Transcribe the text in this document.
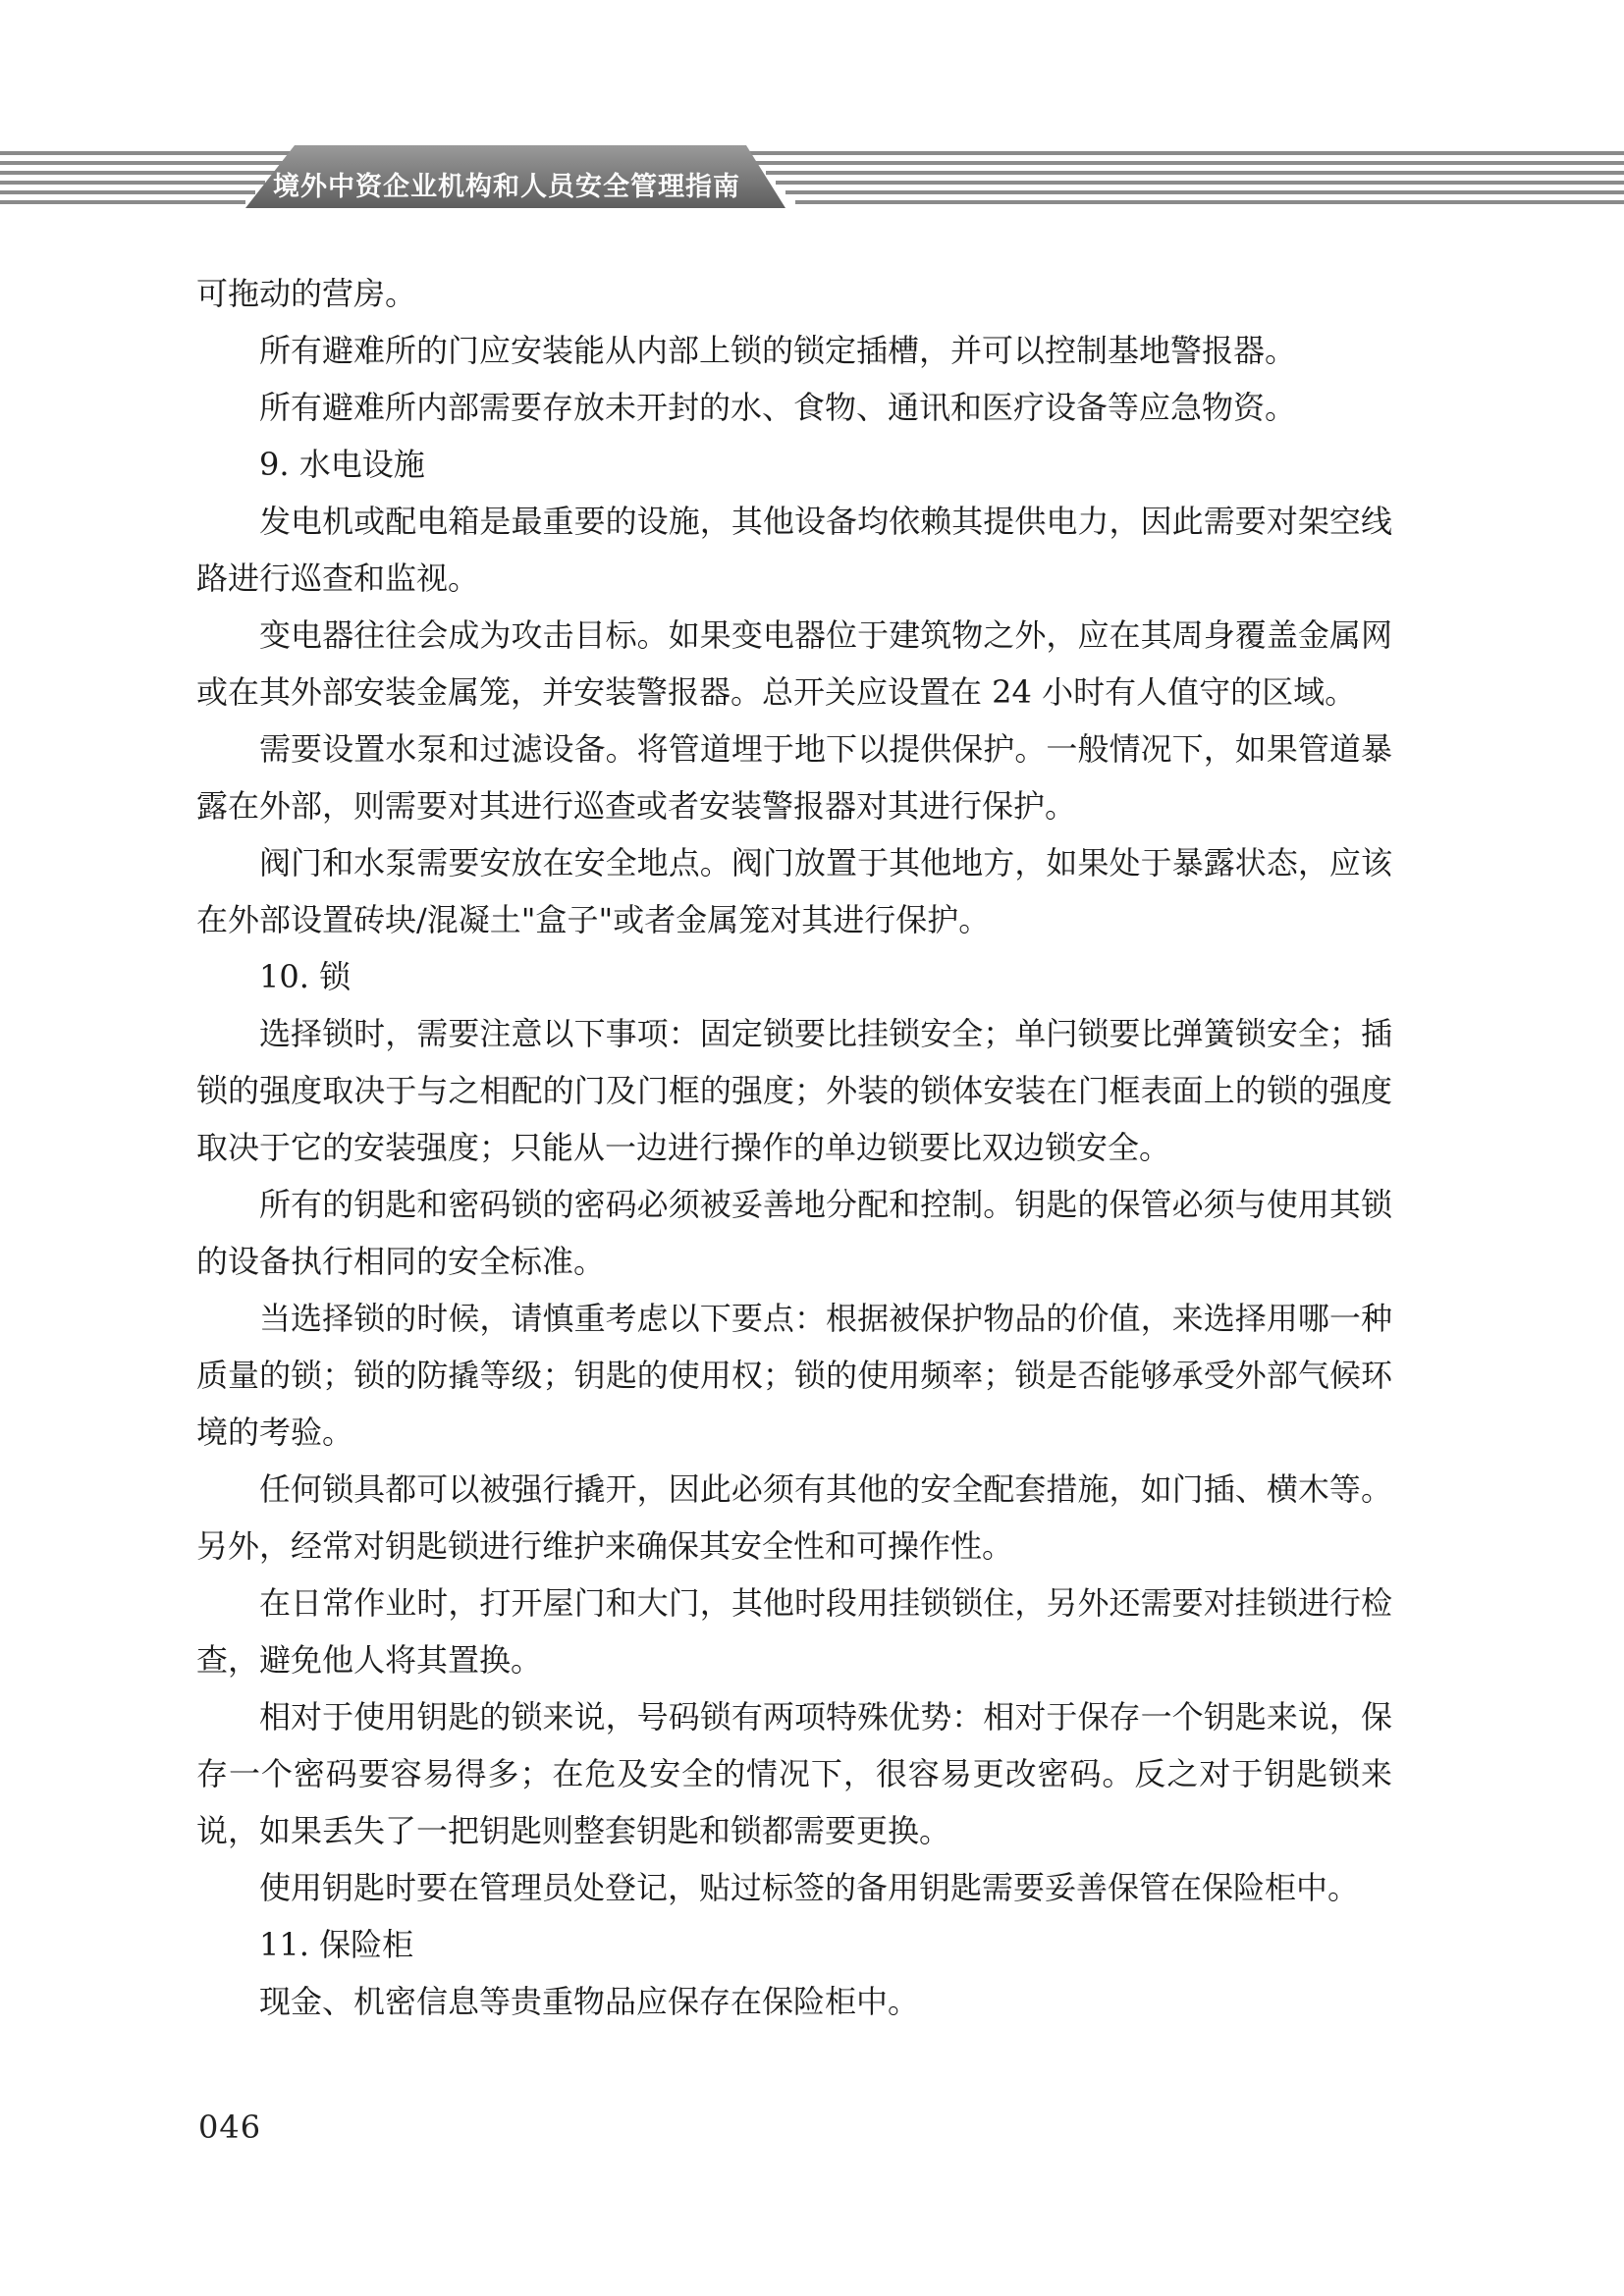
境外中资企业机构和人员安全管理指南

可拖动的营房。

所有避难所的门应安装能从内部上锁的锁定插槽，并可以控制基地警报器。

所有避难所内部需要存放未开封的水、食物、通讯和医疗设备等应急物资。

9. 水电设施

发电机或配电箱是最重要的设施，其他设备均依赖其提供电力，因此需要对架空线路进行巡查和监视。

变电器往往会成为攻击目标。如果变电器位于建筑物之外，应在其周身覆盖金属网或在其外部安装金属笼，并安装警报器。总开关应设置在 24 小时有人值守的区域。

需要设置水泵和过滤设备。将管道埋于地下以提供保护。一般情况下，如果管道暴露在外部，则需要对其进行巡查或者安装警报器对其进行保护。

阀门和水泵需要安放在安全地点。阀门放置于其他地方，如果处于暴露状态，应该在外部设置砖块/混凝土"盒子"或者金属笼对其进行保护。

10. 锁

选择锁时，需要注意以下事项：固定锁要比挂锁安全；单闩锁要比弹簧锁安全；插锁的强度取决于与之相配的门及门框的强度；外装的锁体安装在门框表面上的锁的强度取决于它的安装强度；只能从一边进行操作的单边锁要比双边锁安全。

所有的钥匙和密码锁的密码必须被妥善地分配和控制。钥匙的保管必须与使用其锁的设备执行相同的安全标准。

当选择锁的时候，请慎重考虑以下要点：根据被保护物品的价值，来选择用哪一种质量的锁；锁的防撬等级；钥匙的使用权；锁的使用频率；锁是否能够承受外部气候环境的考验。

任何锁具都可以被强行撬开，因此必须有其他的安全配套措施，如门插、横木等。另外，经常对钥匙锁进行维护来确保其安全性和可操作性。

在日常作业时，打开屋门和大门，其他时段用挂锁锁住，另外还需要对挂锁进行检查，避免他人将其置换。

相对于使用钥匙的锁来说，号码锁有两项特殊优势：相对于保存一个钥匙来说，保存一个密码要容易得多；在危及安全的情况下，很容易更改密码。反之对于钥匙锁来说，如果丢失了一把钥匙则整套钥匙和锁都需要更换。

使用钥匙时要在管理员处登记，贴过标签的备用钥匙需要妥善保管在保险柜中。

11. 保险柜

现金、机密信息等贵重物品应保存在保险柜中。

046
